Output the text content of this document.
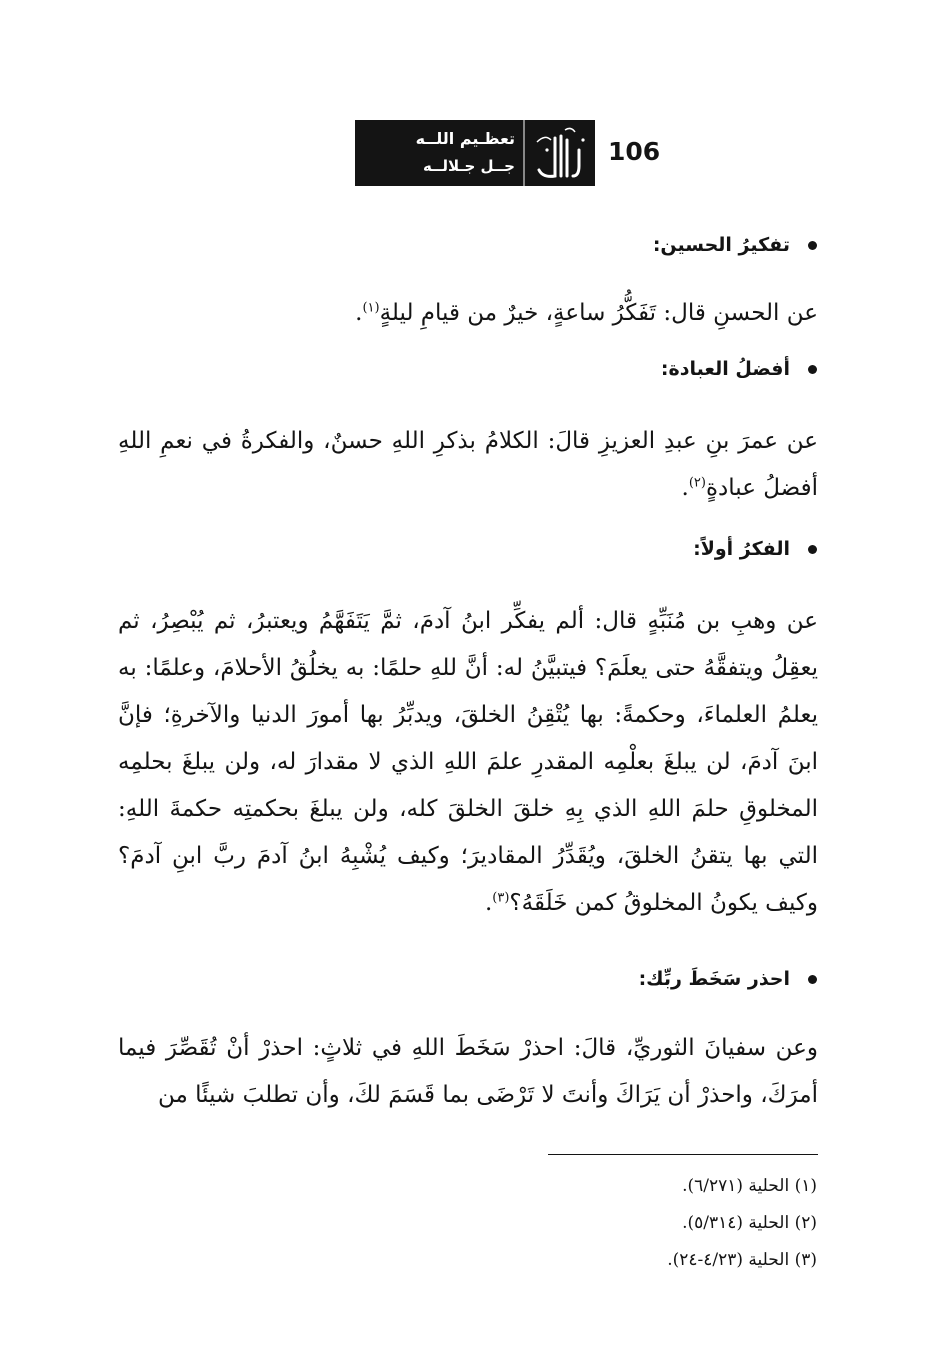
تعظـيم اللــه
جــل جـلالــه	106
تفكيرُ الحسين:
عن الحسنِ قال: تَفَكُّرُ ساعةٍ، خيرٌ من قيامِ ليلةٍ$^{(١)}$.
أفضلُ العبادة:
عن عمرَ بنِ عبدِ العزيزِ قالَ: الكلامُ بذكرِ اللهِ حسنٌ، والفكرةُ في نعمِ اللهِ أفضلُ عبادةٍ$^{(٢)}$.
الفكرُ أولاً:
عن وهبِ بن مُنَبِّهٍ قال: ألم يفكِّر ابنُ آدمَ، ثمَّ يَتَفَهَّمُ ويعتبرُ، ثم يُبْصِرُ، ثم يعقِلُ ويتفقَّهُ حتى يعلَمَ؟ فيتبيَّنُ له: أنَّ للهِ حلمًا: به يخلُقُ الأحلامَ، وعلمًا: به يعلمُ العلماءَ، وحكمةً: بها يُتْقِنُ الخلقَ، ويدبِّرُ بها أمورَ الدنيا والآخرةِ؛ فإنَّ ابنَ آدمَ، لن يبلغَ بعلْمِه المقدرِ علمَ اللهِ الذي لا مقدارَ له، ولن يبلغَ بحلمِه المخلوقِ حلمَ اللهِ الذي بِهِ خلقَ الخلقَ كله، ولن يبلغَ بحكمتِه حكمةَ اللهِ: التي بها يتقنُ الخلقَ، ويُقَدِّرُ المقاديرَ؛ وكيف يُشْبِهُ ابنُ آدمَ ربَّ ابنِ آدمَ؟ وكيف يكونُ المخلوقُ كمن خَلَقَهُ؟$^{(٣)}$.
احذر سَخَطَ ربِّك:
وعن سفيانَ الثوريِّ، قالَ: احذرْ سَخَطَ اللهِ في ثلاثٍ: احذرْ أنْ تُقَصِّرَ فيما أمرَكَ، واحذرْ أن يَرَاكَ وأنتَ لا تَرْضَى بما قَسَمَ لكَ، وأن تطلبَ شيئًا من
(١) الحلية (٦/٢٧١).
(٢) الحلية (٥/٣١٤).
(٣) الحلية (٤/٢٣-٢٤).
